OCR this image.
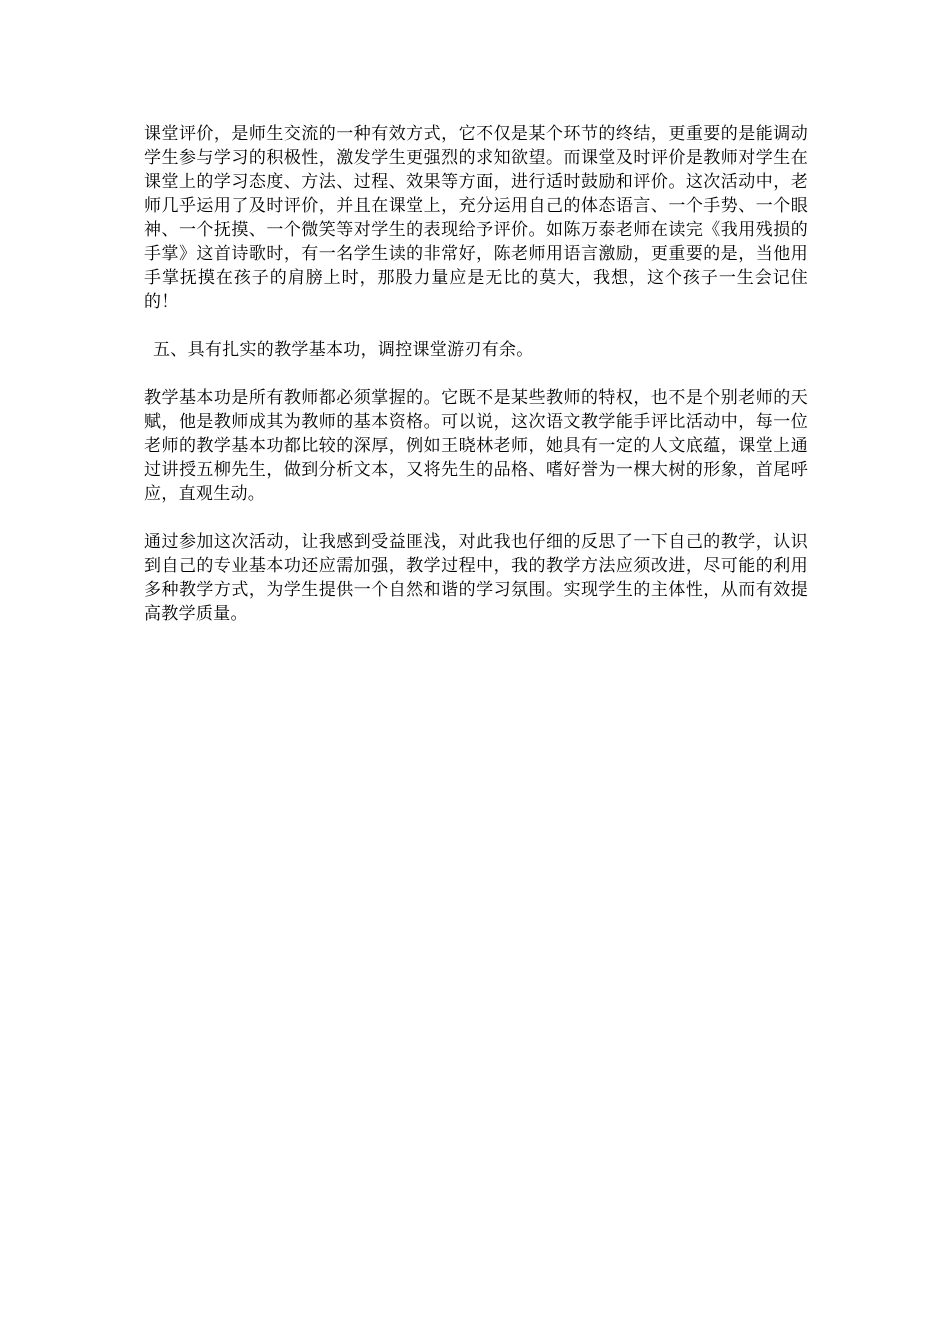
课堂评价，是师生交流的一种有效方式，它不仅是某个环节的终结，更重要的是能调动学生参与学习的积极性，激发学生更强烈的求知欲望。而课堂及时评价是教师对学生在课堂上的学习态度、方法、过程、效果等方面，进行适时鼓励和评价。这次活动中，老师几乎运用了及时评价，并且在课堂上，充分运用自己的体态语言、一个手势、一个眼神、一个抚摸、一个微笑等对学生的表现给予评价。如陈万泰老师在读完《我用残损的手掌》这首诗歌时，有一名学生读的非常好，陈老师用语言激励，更重要的是，当他用手掌抚摸在孩子的肩膀上时，那股力量应是无比的莫大，我想，这个孩子一生会记住的！

五、具有扎实的教学基本功，调控课堂游刃有余。

教学基本功是所有教师都必须掌握的。它既不是某些教师的特权，也不是个别老师的天赋，他是教师成其为教师的基本资格。可以说，这次语文教学能手评比活动中，每一位老师的教学基本功都比较的深厚，例如王晓林老师，她具有一定的人文底蕴，课堂上通过讲授五柳先生，做到分析文本，又将先生的品格、嗜好誉为一棵大树的形象，首尾呼应，直观生动。

通过参加这次活动，让我感到受益匪浅，对此我也仔细的反思了一下自己的教学，认识到自己的专业基本功还应需加强，教学过程中，我的教学方法应须改进，尽可能的利用多种教学方式，为学生提供一个自然和谐的学习氛围。实现学生的主体性，从而有效提高教学质量。
